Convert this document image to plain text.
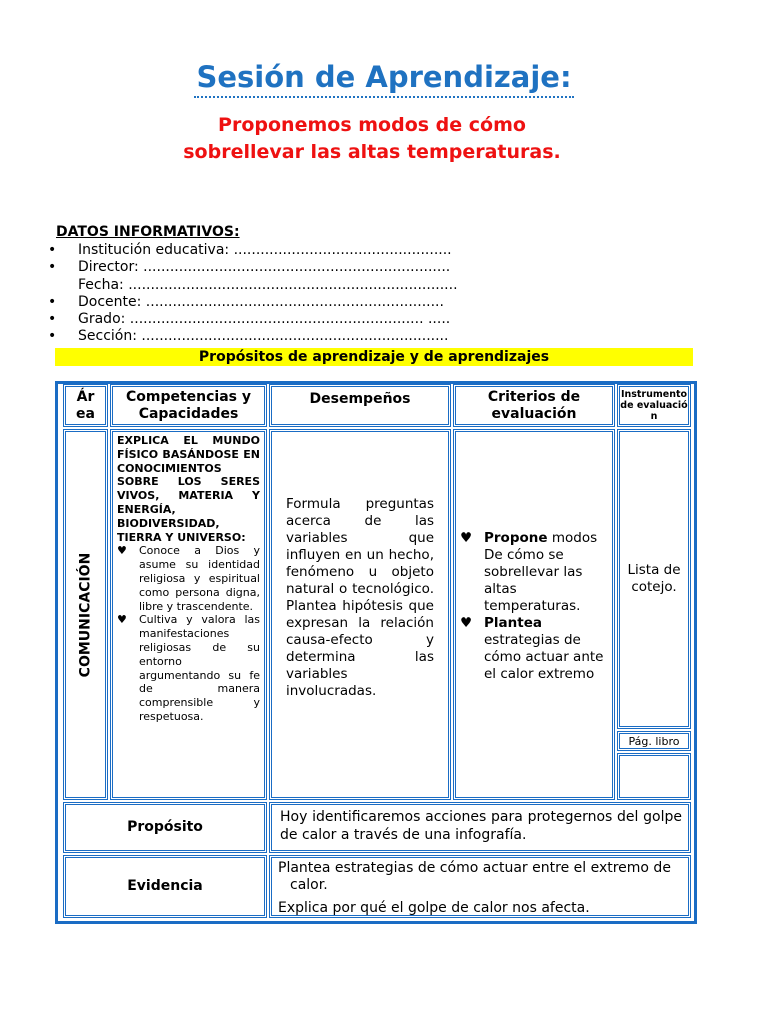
Sesión de Aprendizaje:
Proponemos modos de cómo
sobrellevar las altas temperaturas.
DATOS INFORMATIVOS:
• Institución educativa: .................................................
• Director: .....................................................................
Fecha: ..........................................................................
• Docente: ...................................................................
• Grado: .................................................................. .....
• Sección: .....................................................................
Propósitos de aprendizaje y de aprendizajes
Área
Competencias y Capacidades
Desempeños	Criterios de evaluación
Instrumento de evaluación
COMUNICACIÓN
EXPLICA EL MUNDO FÍSICO BASÁNDOSE EN CONOCIMIENTOS SOBRE LOS SERES VIVOS, MATERIA Y ENERGÍA, BIODIVERSIDAD, TIERRA Y UNIVERSO:
♥ Conoce a Dios y asume su identidad religiosa y espiritual como persona digna, libre y trascendente.
♥ Cultiva y valora las manifestaciones religiosas de su entorno argumentando su fe de manera comprensible y respetuosa.
Formula preguntas acerca de las variables que influyen en un hecho, fenómeno u objeto natural o tecnológico. Plantea hipótesis que expresan la relación causa-efecto y determina las variables involucradas.
♥ Propone modos De cómo se sobrellevar las altas temperaturas.
♥ Plantea estrategias de cómo actuar ante el calor extremo
Lista de cotejo.
Pág. libro
Propósito
Hoy identificaremos acciones para protegernos del golpe de calor a través de una infografía.
Evidencia
Plantea estrategias de cómo actuar entre el extremo de calor.
Explica por qué el golpe de calor nos afecta.
